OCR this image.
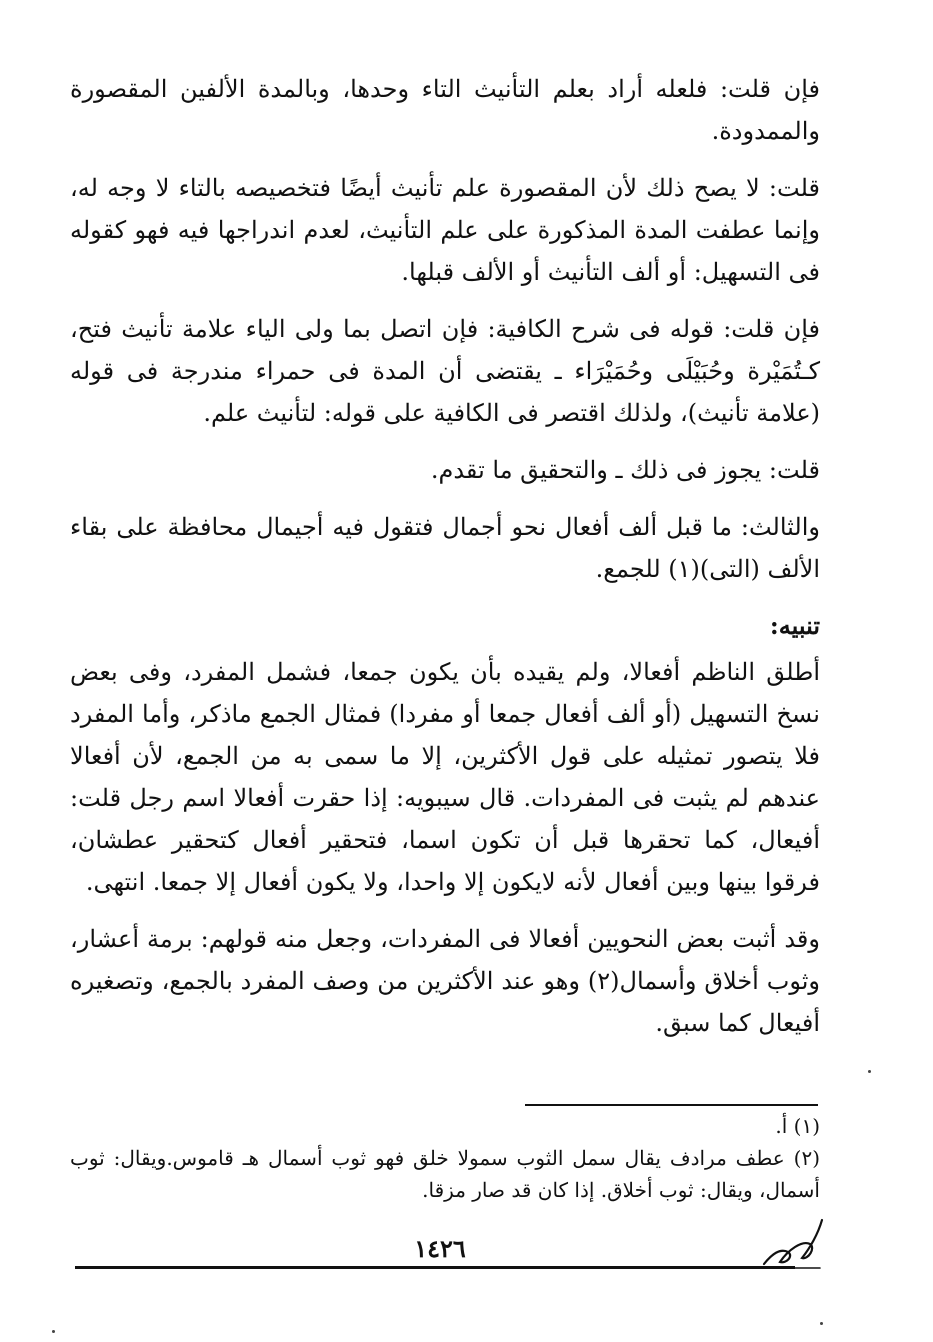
فإن قلت: فلعله أراد بعلم التأنيث التاء وحدها، وبالمدة الألفين المقصورة والممدودة.

قلت: لا يصح ذلك لأن المقصورة علم تأنيث أيضًا فتخصيصه بالتاء لا وجه له، وإنما عطفت المدة المذكورة على علم التأنيث، لعدم اندراجها فيه فهو كقوله فى التسهيل: أو ألف التأنيث أو الألف قبلها.

فإن قلت: قوله فى شرح الكافية: فإن اتصل بما ولى الياء علامة تأنيث فتح، كـتُمَيْرة وحُبَيْلَى وحُمَيْرَاء ـ يقتضى أن المدة فى حمراء مندرجة فى قوله (علامة تأنيث)، ولذلك اقتصر فى الكافية على قوله: لتأنيث علم.

قلت: يجوز فى ذلك ـ والتحقيق ما تقدم.

والثالث: ما قبل ألف أفعال نحو أجمال فتقول فيه أجيمال محافظة على بقاء الألف (التى)(١) للجمع.

تنبيه:

أطلق الناظم أفعالا، ولم يقيده بأن يكون جمعا، فشمل المفرد، وفى بعض نسخ التسهيل (أو ألف أفعال جمعا أو مفردا) فمثال الجمع ماذكر، وأما المفرد فلا يتصور تمثيله على قول الأكثرين، إلا ما سمى به من الجمع، لأن أفعالا عندهم لم يثبت فى المفردات. قال سيبويه: إذا حقرت أفعالا اسم رجل قلت: أفيعال، كما تحقرها قبل أن تكون اسما، فتحقير أفعال كتحقير عطشان، فرقوا بينها وبين أفعال لأنه لايكون إلا واحدا، ولا يكون أفعال إلا جمعا. انتهى.

وقد أثبت بعض النحويين أفعالا فى المفردات، وجعل منه قولهم: برمة أعشار، وثوب أخلاق وأسمال(٢) وهو عند الأكثرين من وصف المفرد بالجمع، وتصغيره أفيعال كما سبق.

(١) أ.

(٢) عطف مرادف يقال سمل الثوب سمولا خلق فهو ثوب أسمال هـ قاموس.ويقال: ثوب أسمال، ويقال: ثوب أخلاق. إذا كان قد صار مزقا.

١٤٢٦
